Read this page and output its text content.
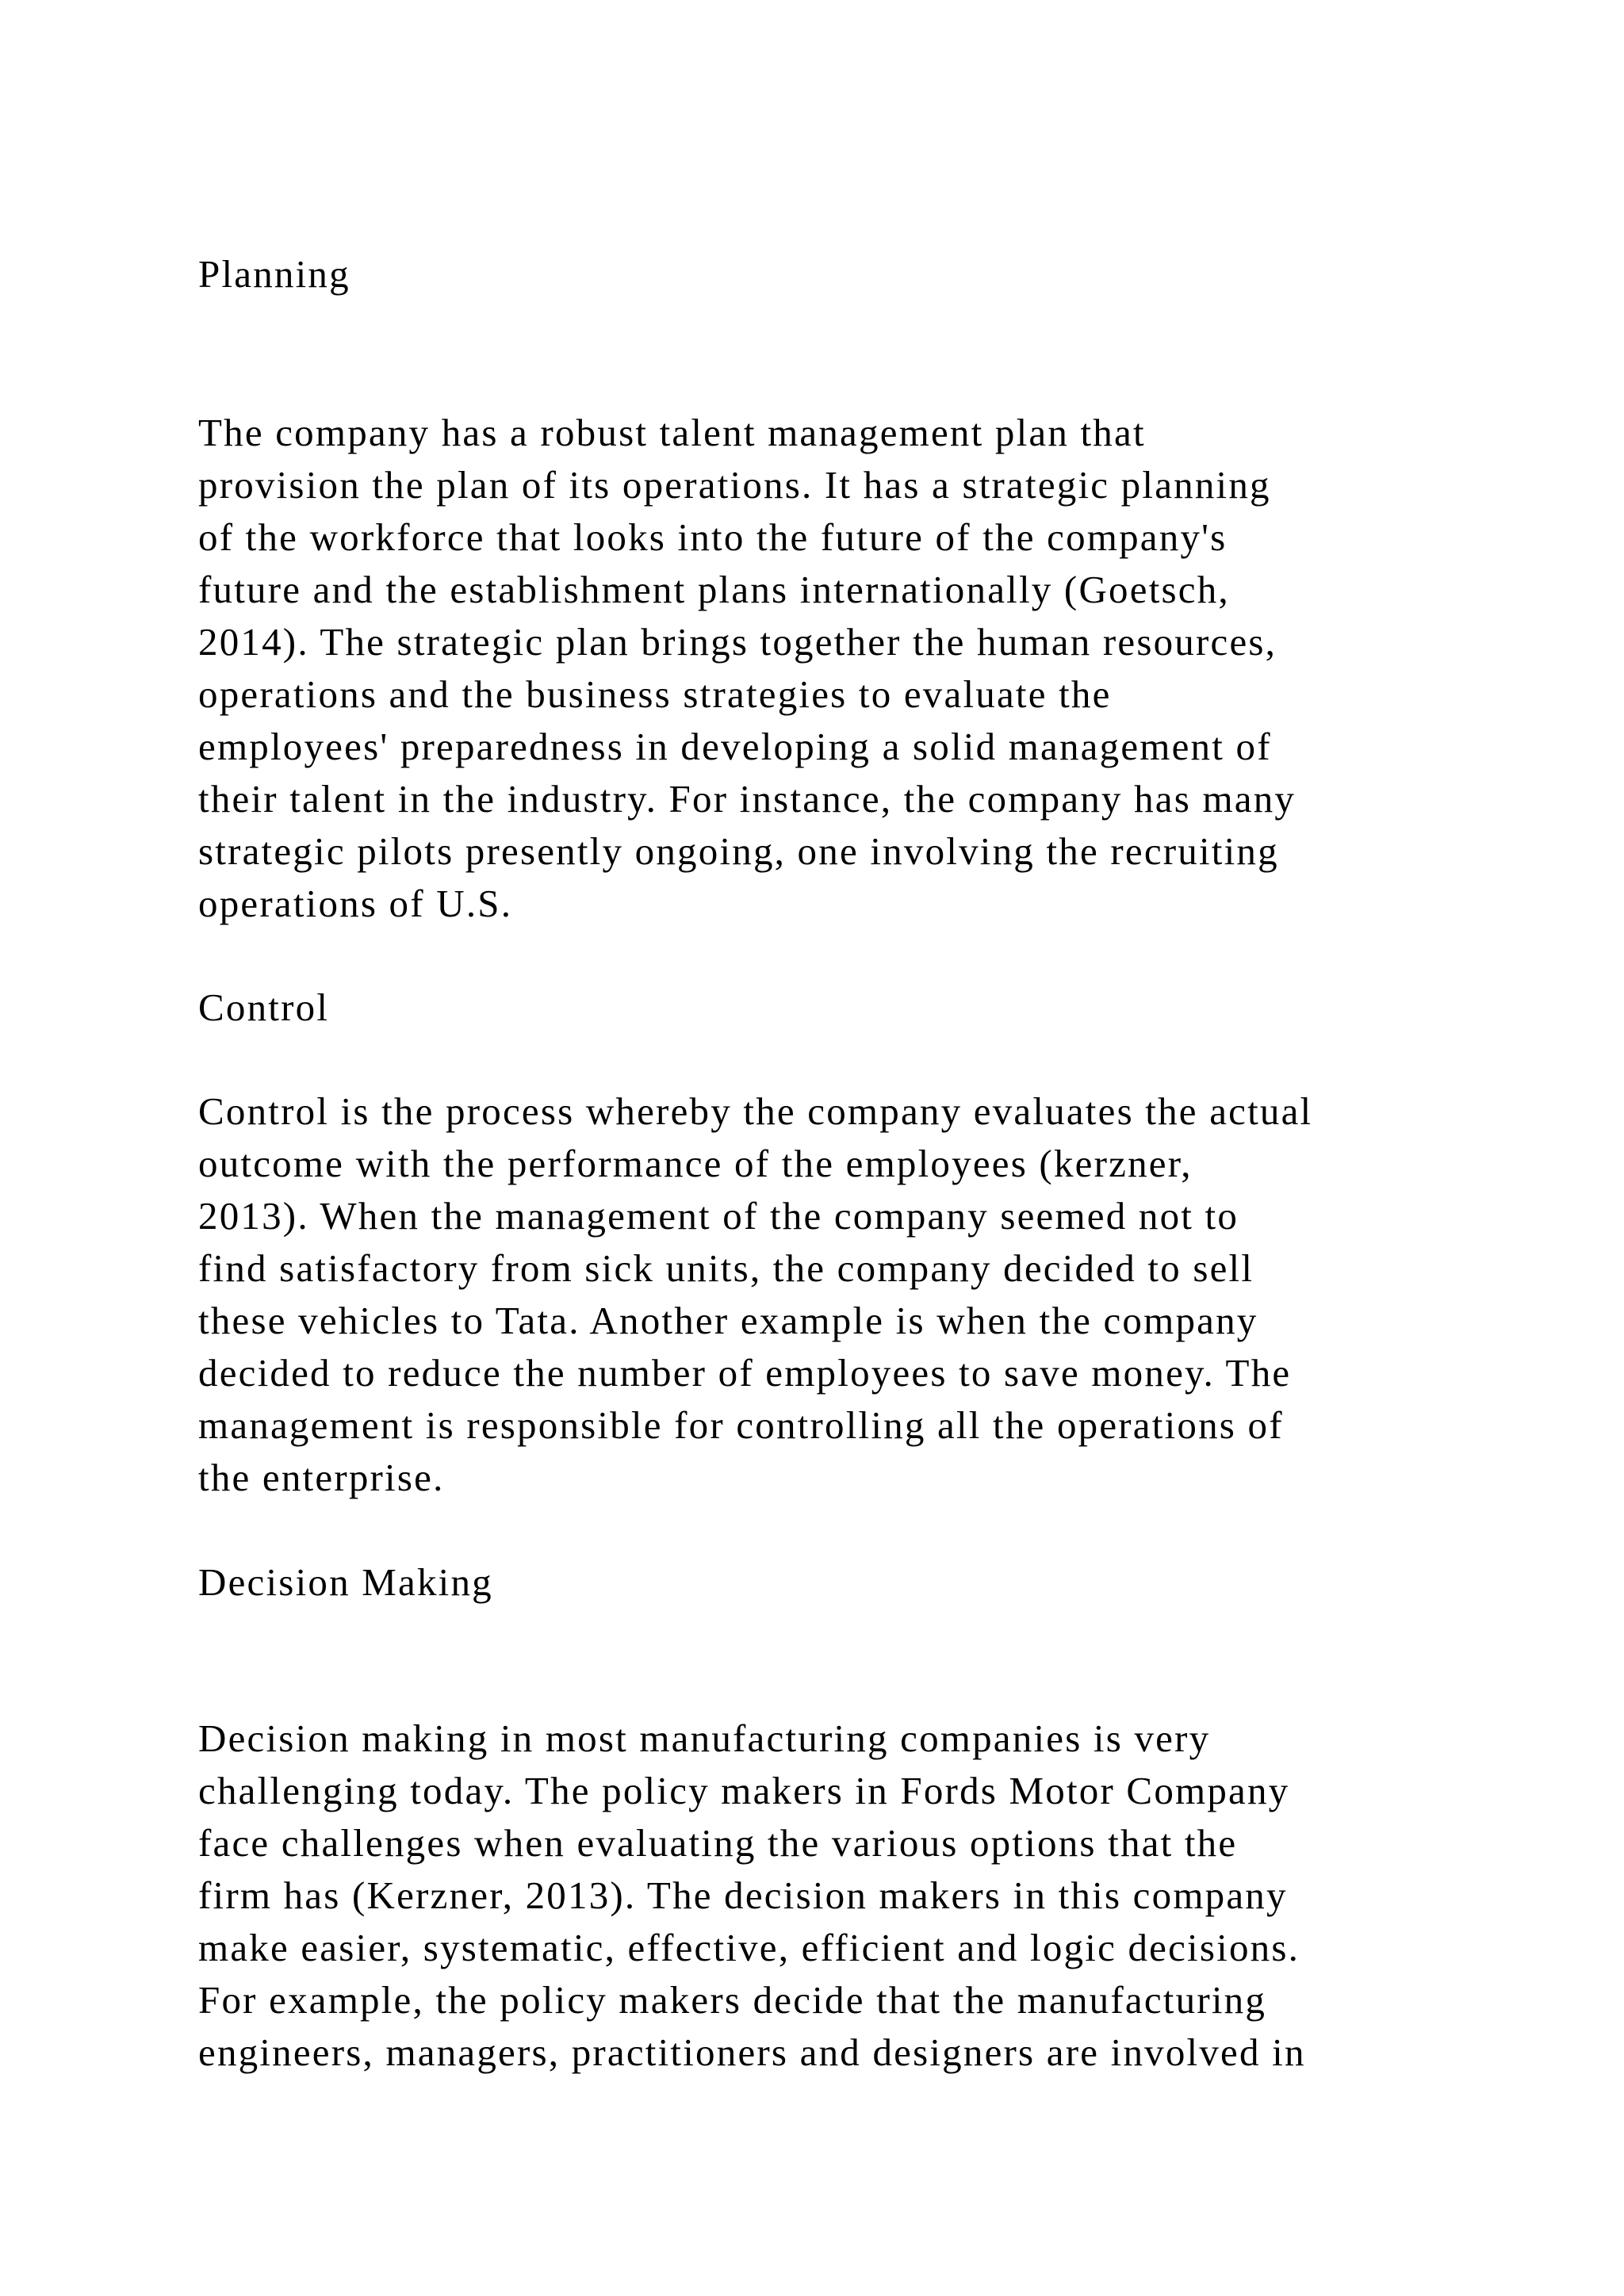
Planning
The company has a robust talent management plan that
provision the plan of its operations. It has a strategic planning
of the workforce that looks into the future of the company's
future and the establishment plans internationally (Goetsch,
2014). The strategic plan brings together the human resources,
operations and the business strategies to evaluate the
employees' preparedness in developing a solid management of
their talent in the industry. For instance, the company has many
strategic pilots presently ongoing, one involving the recruiting
operations of U.S.
Control
Control is the process whereby the company evaluates the actual
outcome with the performance of the employees (kerzner,
2013). When the management of the company seemed not to
find satisfactory from sick units, the company decided to sell
these vehicles to Tata. Another example is when the company
decided to reduce the number of employees to save money. The
management is responsible for controlling all the operations of
the enterprise.
Decision Making
Decision making in most manufacturing companies is very
challenging today. The policy makers in Fords Motor Company
face challenges when evaluating the various options that the
firm has (Kerzner, 2013). The decision makers in this company
make easier, systematic, effective, efficient and logic decisions.
For example, the policy makers decide that the manufacturing
engineers, managers, practitioners and designers are involved in
